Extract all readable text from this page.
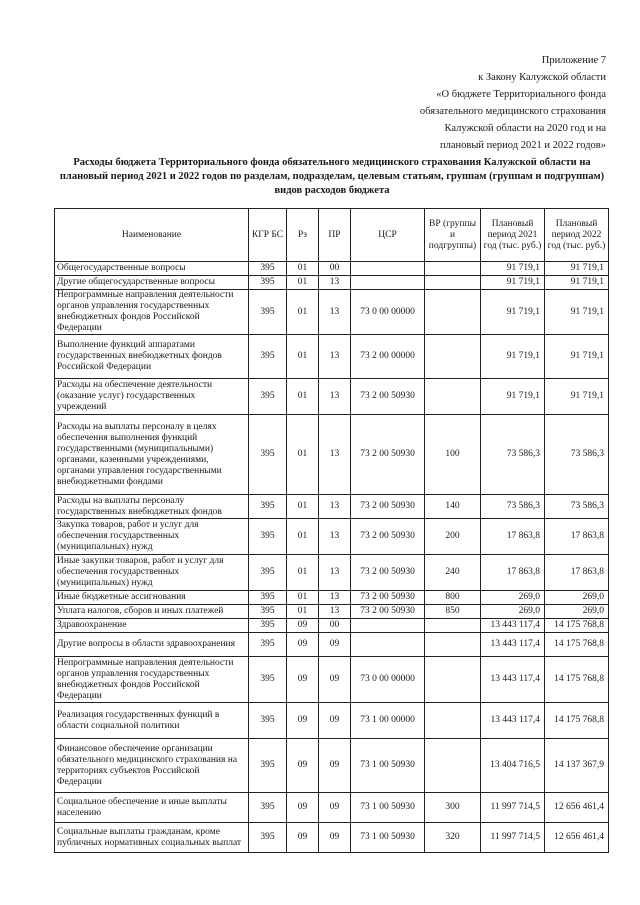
Приложение 7
к Закону Калужской области
«О бюджете Территориального фонда
обязательного медицинского страхования
Калужской области на 2020 год и на
плановый период 2021 и 2022 годов»
Расходы бюджета Территориального фонда обязательного медицинского страхования Калужской области на плановый период 2021 и 2022 годов по разделам, подразделам, целевым статьям, группам (группам и подгруппам) видов расходов бюджета
Наименование	КГР БС	Рз	ПР	ЦСР	ВР (группы и подгруппы)	Плановый период 2021 год (тыс. руб.)	Плановый период 2022 год (тыс. руб.)
Общегосударственные вопросы	395	01	00			91 719,1	91 719,1
Другие общегосударственные вопросы	395	01	13			91 719,1	91 719,1
Непрограммные направления деятельности органов управления государственных внебюджетных фондов Российской Федерации	395	01	13	73 0 00 00000		91 719,1	91 719,1
Выполнение функций аппаратами государственных внебюджетных фондов Российской Федерации	395	01	13	73 2 00 00000		91 719,1	91 719,1
Расходы на обеспечение деятельности (оказание услуг) государственных учреждений	395	01	13	73 2 00 50930		91 719,1	91 719,1
Расходы на выплаты персоналу в целях обеспечения выполнения функций государственными (муниципальными) органами, казенными учреждениями, органами управления государственными внебюджетными фондами	395	01	13	73 2 00 50930	100	73 586,3	73 586,3
Расходы на выплаты персоналу государственных внебюджетных фондов	395	01	13	73 2 00 50930	140	73 586,3	73 586,3
Закупка товаров, работ и услуг для обеспечения государственных (муниципальных) нужд	395	01	13	73 2 00 50930	200	17 863,8	17 863,8
Иные закупки товаров, работ и услуг для обеспечения государственных (муниципальных) нужд	395	01	13	73 2 00 50930	240	17 863,8	17 863,8
Иные бюджетные ассигнования	395	01	13	73 2 00 50930	800	269,0	269,0
Уплата налогов, сборов и иных платежей	395	01	13	73 2 00 50930	850	269,0	269,0
Здравоохранение	395	09	00			13 443 117,4	14 175 768,8
Другие вопросы в области здравоохранения	395	09	09			13 443 117,4	14 175 768,8
Непрограммные направления деятельности органов управления государственных внебюджетных фондов Российской Федерации	395	09	09	73 0 00 00000		13 443 117,4	14 175 768,8
Реализация государственных функций в области социальной политики	395	09	09	73 1 00 00000		13 443 117,4	14 175 768,8
Финансовое обеспечение организации обязательного медицинского страхования на территориях субъектов Российской Федерации	395	09	09	73 1 00 50930		13 404 716,5	14 137 367,9
Социальное обеспечение и иные выплаты населению	395	09	09	73 1 00 50930	300	11 997 714,5	12 656 461,4
Социальные выплаты гражданам, кроме публичных нормативных социальных выплат	395	09	09	73 1 00 50930	320	11 997 714,5	12 656 461,4
